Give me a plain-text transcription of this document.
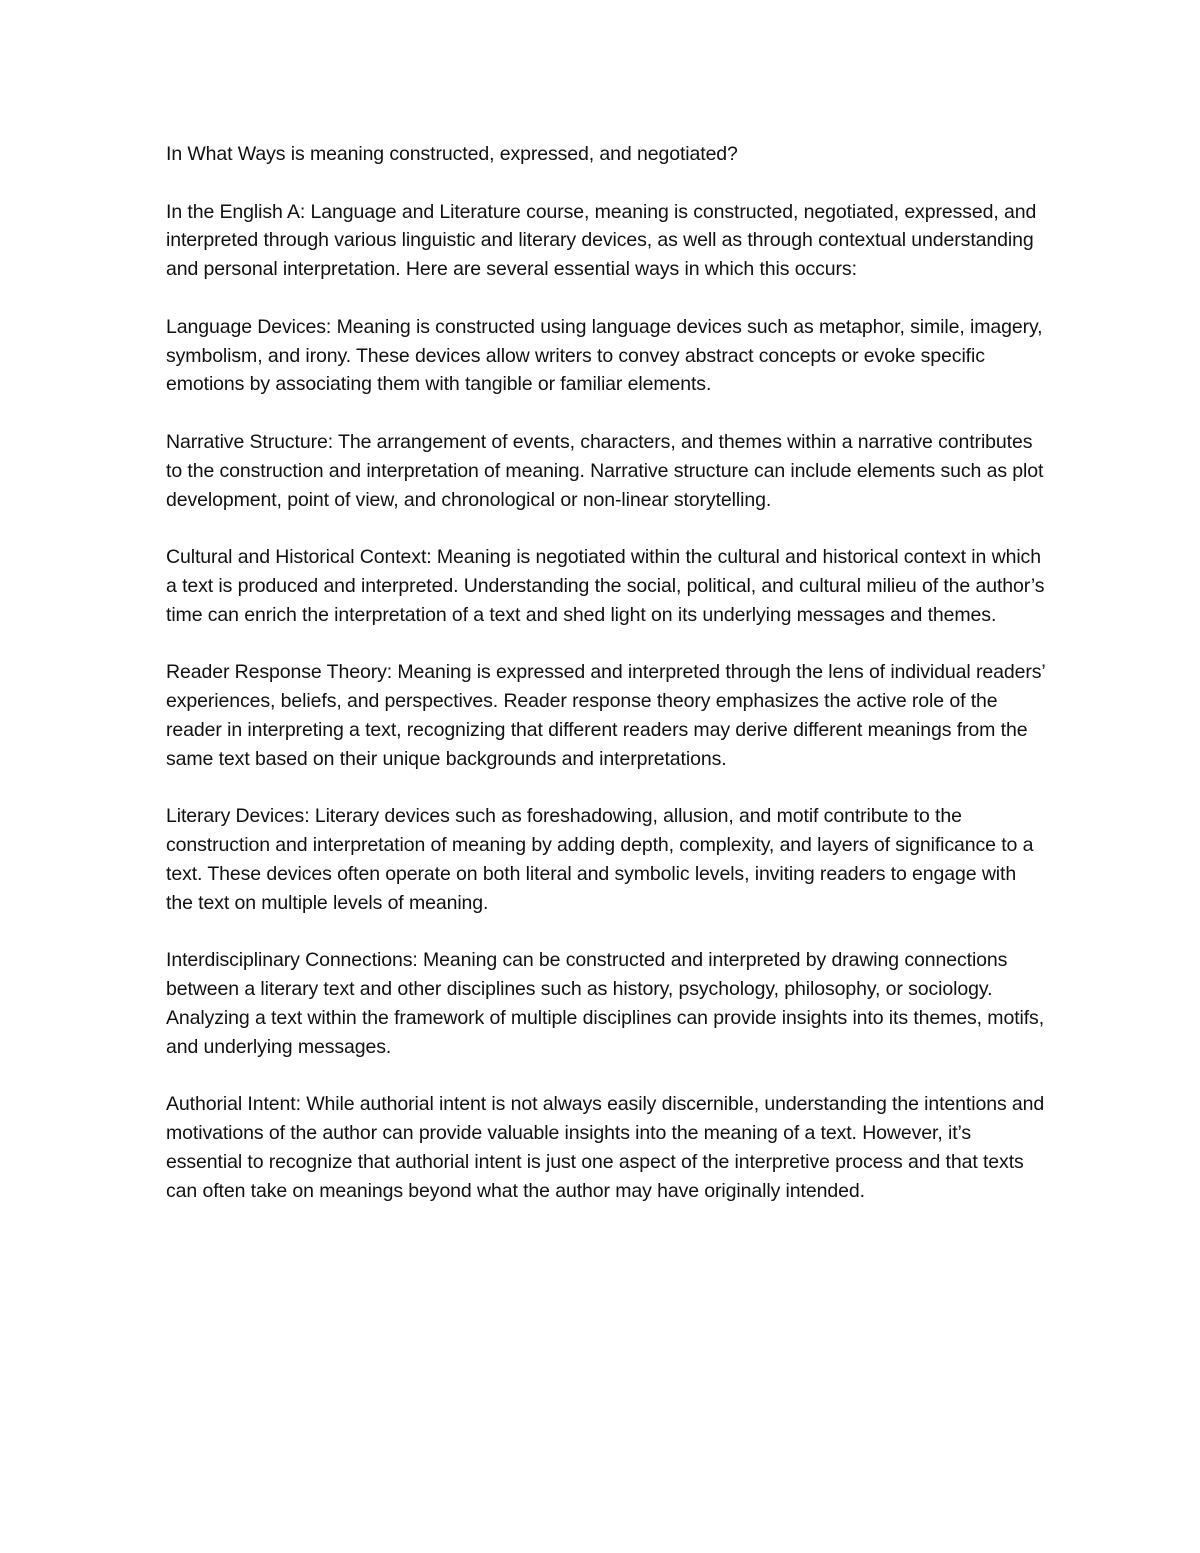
In What Ways is meaning constructed, expressed, and negotiated?

In the English A: Language and Literature course, meaning is constructed, negotiated, expressed, and interpreted through various linguistic and literary devices, as well as through contextual understanding and personal interpretation. Here are several essential ways in which this occurs:

Language Devices: Meaning is constructed using language devices such as metaphor, simile, imagery, symbolism, and irony. These devices allow writers to convey abstract concepts or evoke specific emotions by associating them with tangible or familiar elements.

Narrative Structure: The arrangement of events, characters, and themes within a narrative contributes to the construction and interpretation of meaning. Narrative structure can include elements such as plot development, point of view, and chronological or non-linear storytelling.

Cultural and Historical Context: Meaning is negotiated within the cultural and historical context in which a text is produced and interpreted. Understanding the social, political, and cultural milieu of the author’s time can enrich the interpretation of a text and shed light on its underlying messages and themes.

Reader Response Theory: Meaning is expressed and interpreted through the lens of individual readers’ experiences, beliefs, and perspectives. Reader response theory emphasizes the active role of the reader in interpreting a text, recognizing that different readers may derive different meanings from the same text based on their unique backgrounds and interpretations.

Literary Devices: Literary devices such as foreshadowing, allusion, and motif contribute to the construction and interpretation of meaning by adding depth, complexity, and layers of significance to a text. These devices often operate on both literal and symbolic levels, inviting readers to engage with the text on multiple levels of meaning.

Interdisciplinary Connections: Meaning can be constructed and interpreted by drawing connections between a literary text and other disciplines such as history, psychology, philosophy, or sociology. Analyzing a text within the framework of multiple disciplines can provide insights into its themes, motifs, and underlying messages.

Authorial Intent: While authorial intent is not always easily discernible, understanding the intentions and motivations of the author can provide valuable insights into the meaning of a text. However, it’s essential to recognize that authorial intent is just one aspect of the interpretive process and that texts can often take on meanings beyond what the author may have originally intended.
